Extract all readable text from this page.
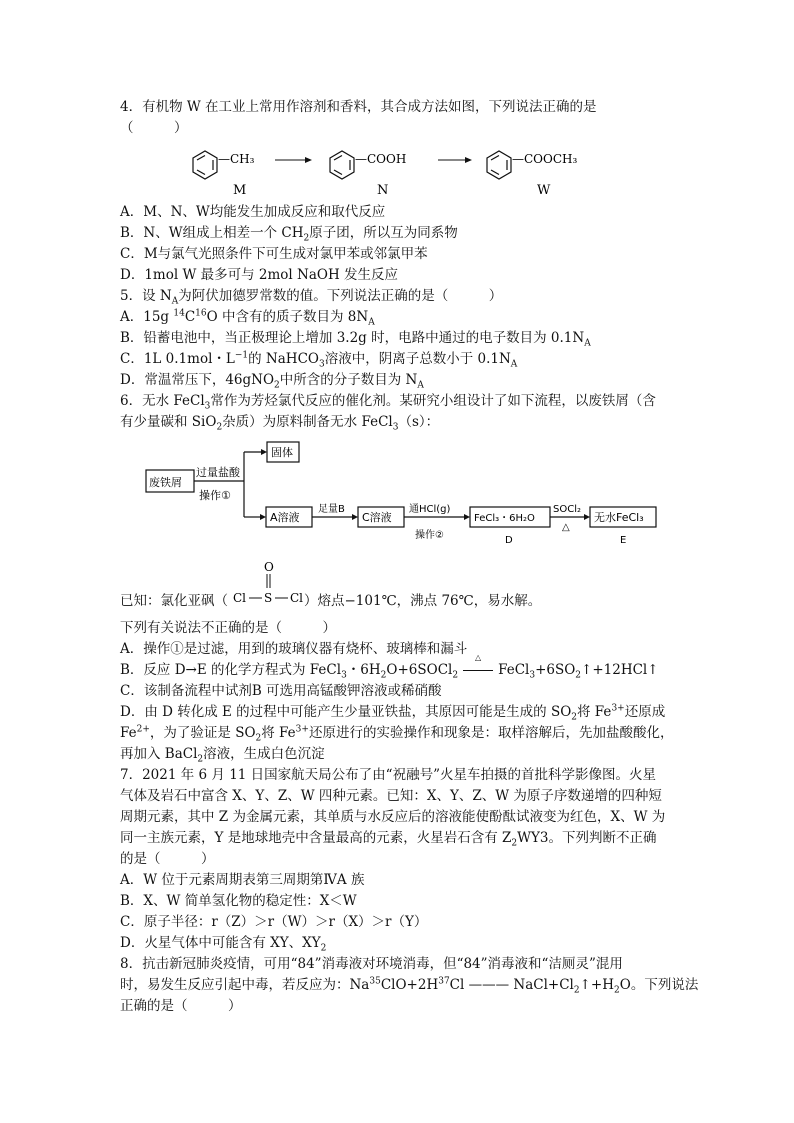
4．有机物 W 在工业上常用作溶剂和香料，其合成方法如图，下列说法正确的是
（　　　）
—CH₃	—COOH	—COOCH₃
M	N	W
A．M、N、W均能发生加成反应和取代反应
B．N、W组成上相差一个 $CH_2$原子团，所以互为同系物
C．M与氯气光照条件下可生成对氯甲苯或邻氯甲苯
D．1mol W 最多可与 2mol NaOH 发生反应
5．设 $N_A$为阿伏加德罗常数的值。下列说法正确的是（　　　）
A．15g $^{14}C^{16}O$ 中含有的质子数目为 $8N_A$
B．铅蓄电池中，当正极理论上增加 3.2g 时，电路中通过的电子数目为 $0.1N_A$
C．1L 0.1mol・$L^{-1}$的 NaHCO$_3$溶液中，阴离子总数小于 $0.1N_A$
D．常温常压下，46gNO$_2$中所含的分子数目为 $N_A$
6．无水 FeCl$_3$常作为芳烃氯代反应的催化剂。某研究小组设计了如下流程，以废铁屑（含
有少量碳和 SiO$_2$杂质）为原料制备无水 FeCl$_3$（s）：
废铁屑
过量盐酸
操作①
固体
A溶液
足量B
C溶液
通HCl(g)
操作②
FeCl₃・6H₂O
D
SOCl₂
△
无水FeCl₃
E
O
Cl S Cl
已知：氯化亚砜（	）熔点−101℃，沸点 76℃，易水解。
下列有关说法不正确的是（　　　）
A．操作①是过滤，用到的玻璃仪器有烧杯、玻璃棒和漏斗
B．反应 D→E 的化学方程式为 FeCl$_3$・$6H_2O+6SOCl_2$
△
$FeCl_3+6SO_2↑+12HCl↑$
C．该制备流程中试剂B 可选用高锰酸钾溶液或稀硝酸
D．由 D 转化成 E 的过程中可能产生少量亚铁盐，其原因可能是生成的 $SO_2$将 $Fe^{3+}$还原成
$Fe^{2+}$，为了验证是 $SO_2$将 $Fe^{3+}$还原进行的实验操作和现象是：取样溶解后，先加盐酸酸化，
再加入 BaCl$_2$溶液，生成白色沉淀
7．2021 年 6 月 11 日国家航天局公布了由“祝融号”火星车拍摄的首批科学影像图。火星
气体及岩石中富含 X、Y、Z、W 四种元素。已知：X、Y、Z、W 为原子序数递增的四种短
周期元素，其中 Z 为金属元素，其单质与水反应后的溶液能使酚酞试液变为红色，X、W 为
同一主族元素，Y 是地球地壳中含量最高的元素，火星岩石含有 $Z_2WY3$。下列判断不正确
的是（　　　）
A．W 位于元素周期表第三周期第ⅣA 族
B．X、W 简单氢化物的稳定性：X＜W
C．原子半径：r（Z）＞r（W）＞r（X）＞r（Y）
D．火星气体中可能含有 XY、$XY_2$
8．抗击新冠肺炎疫情，可用“84”消毒液对环境消毒，但“84”消毒液和“洁厕灵”混用
时，易发生反应引起中毒，若反应为：$Na^{35}ClO+2H^{37}Cl$ ——— $NaCl+Cl_2↑+H_2O$。下列说法
正确的是（　　　）
